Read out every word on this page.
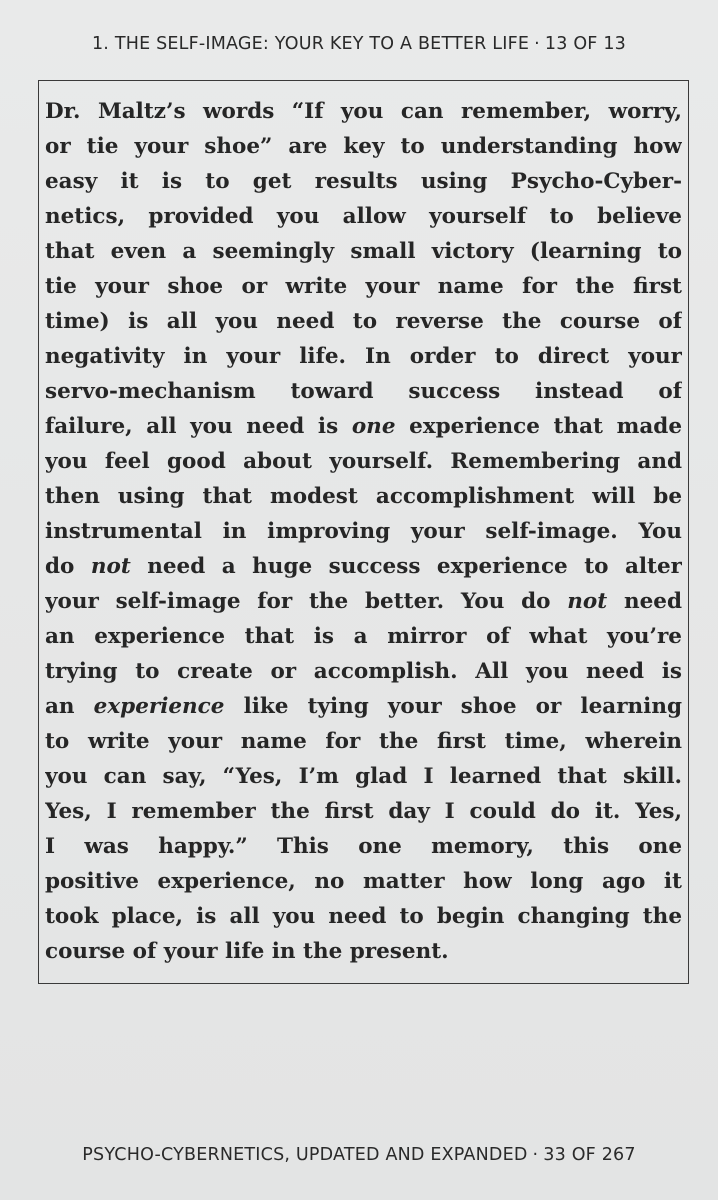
1. THE SELF-IMAGE: YOUR KEY TO A BETTER LIFE · 13 OF 13

Dr. Maltz’s words “If you can remember, worry,
or tie your shoe” are key to understanding how
easy it is to get results using Psycho-Cyber-
netics, provided you allow yourself to believe
that even a seemingly small victory (learning to
tie your shoe or write your name for the first
time) is all you need to reverse the course of
negativity in your life. In order to direct your
servo-mechanism toward success instead of
failure, all you need is one experience that made
you feel good about yourself. Remembering and
then using that modest accomplishment will be
instrumental in improving your self-image. You
do not need a huge success experience to alter
your self-image for the better. You do not need
an experience that is a mirror of what you’re
trying to create or accomplish. All you need is
an experience like tying your shoe or learning
to write your name for the first time, wherein
you can say, “Yes, I’m glad I learned that skill.
Yes, I remember the first day I could do it. Yes,
I was happy.” This one memory, this one
positive experience, no matter how long ago it
took place, is all you need to begin changing the
course of your life in the present.

PSYCHO-CYBERNETICS, UPDATED AND EXPANDED · 33 OF 267
